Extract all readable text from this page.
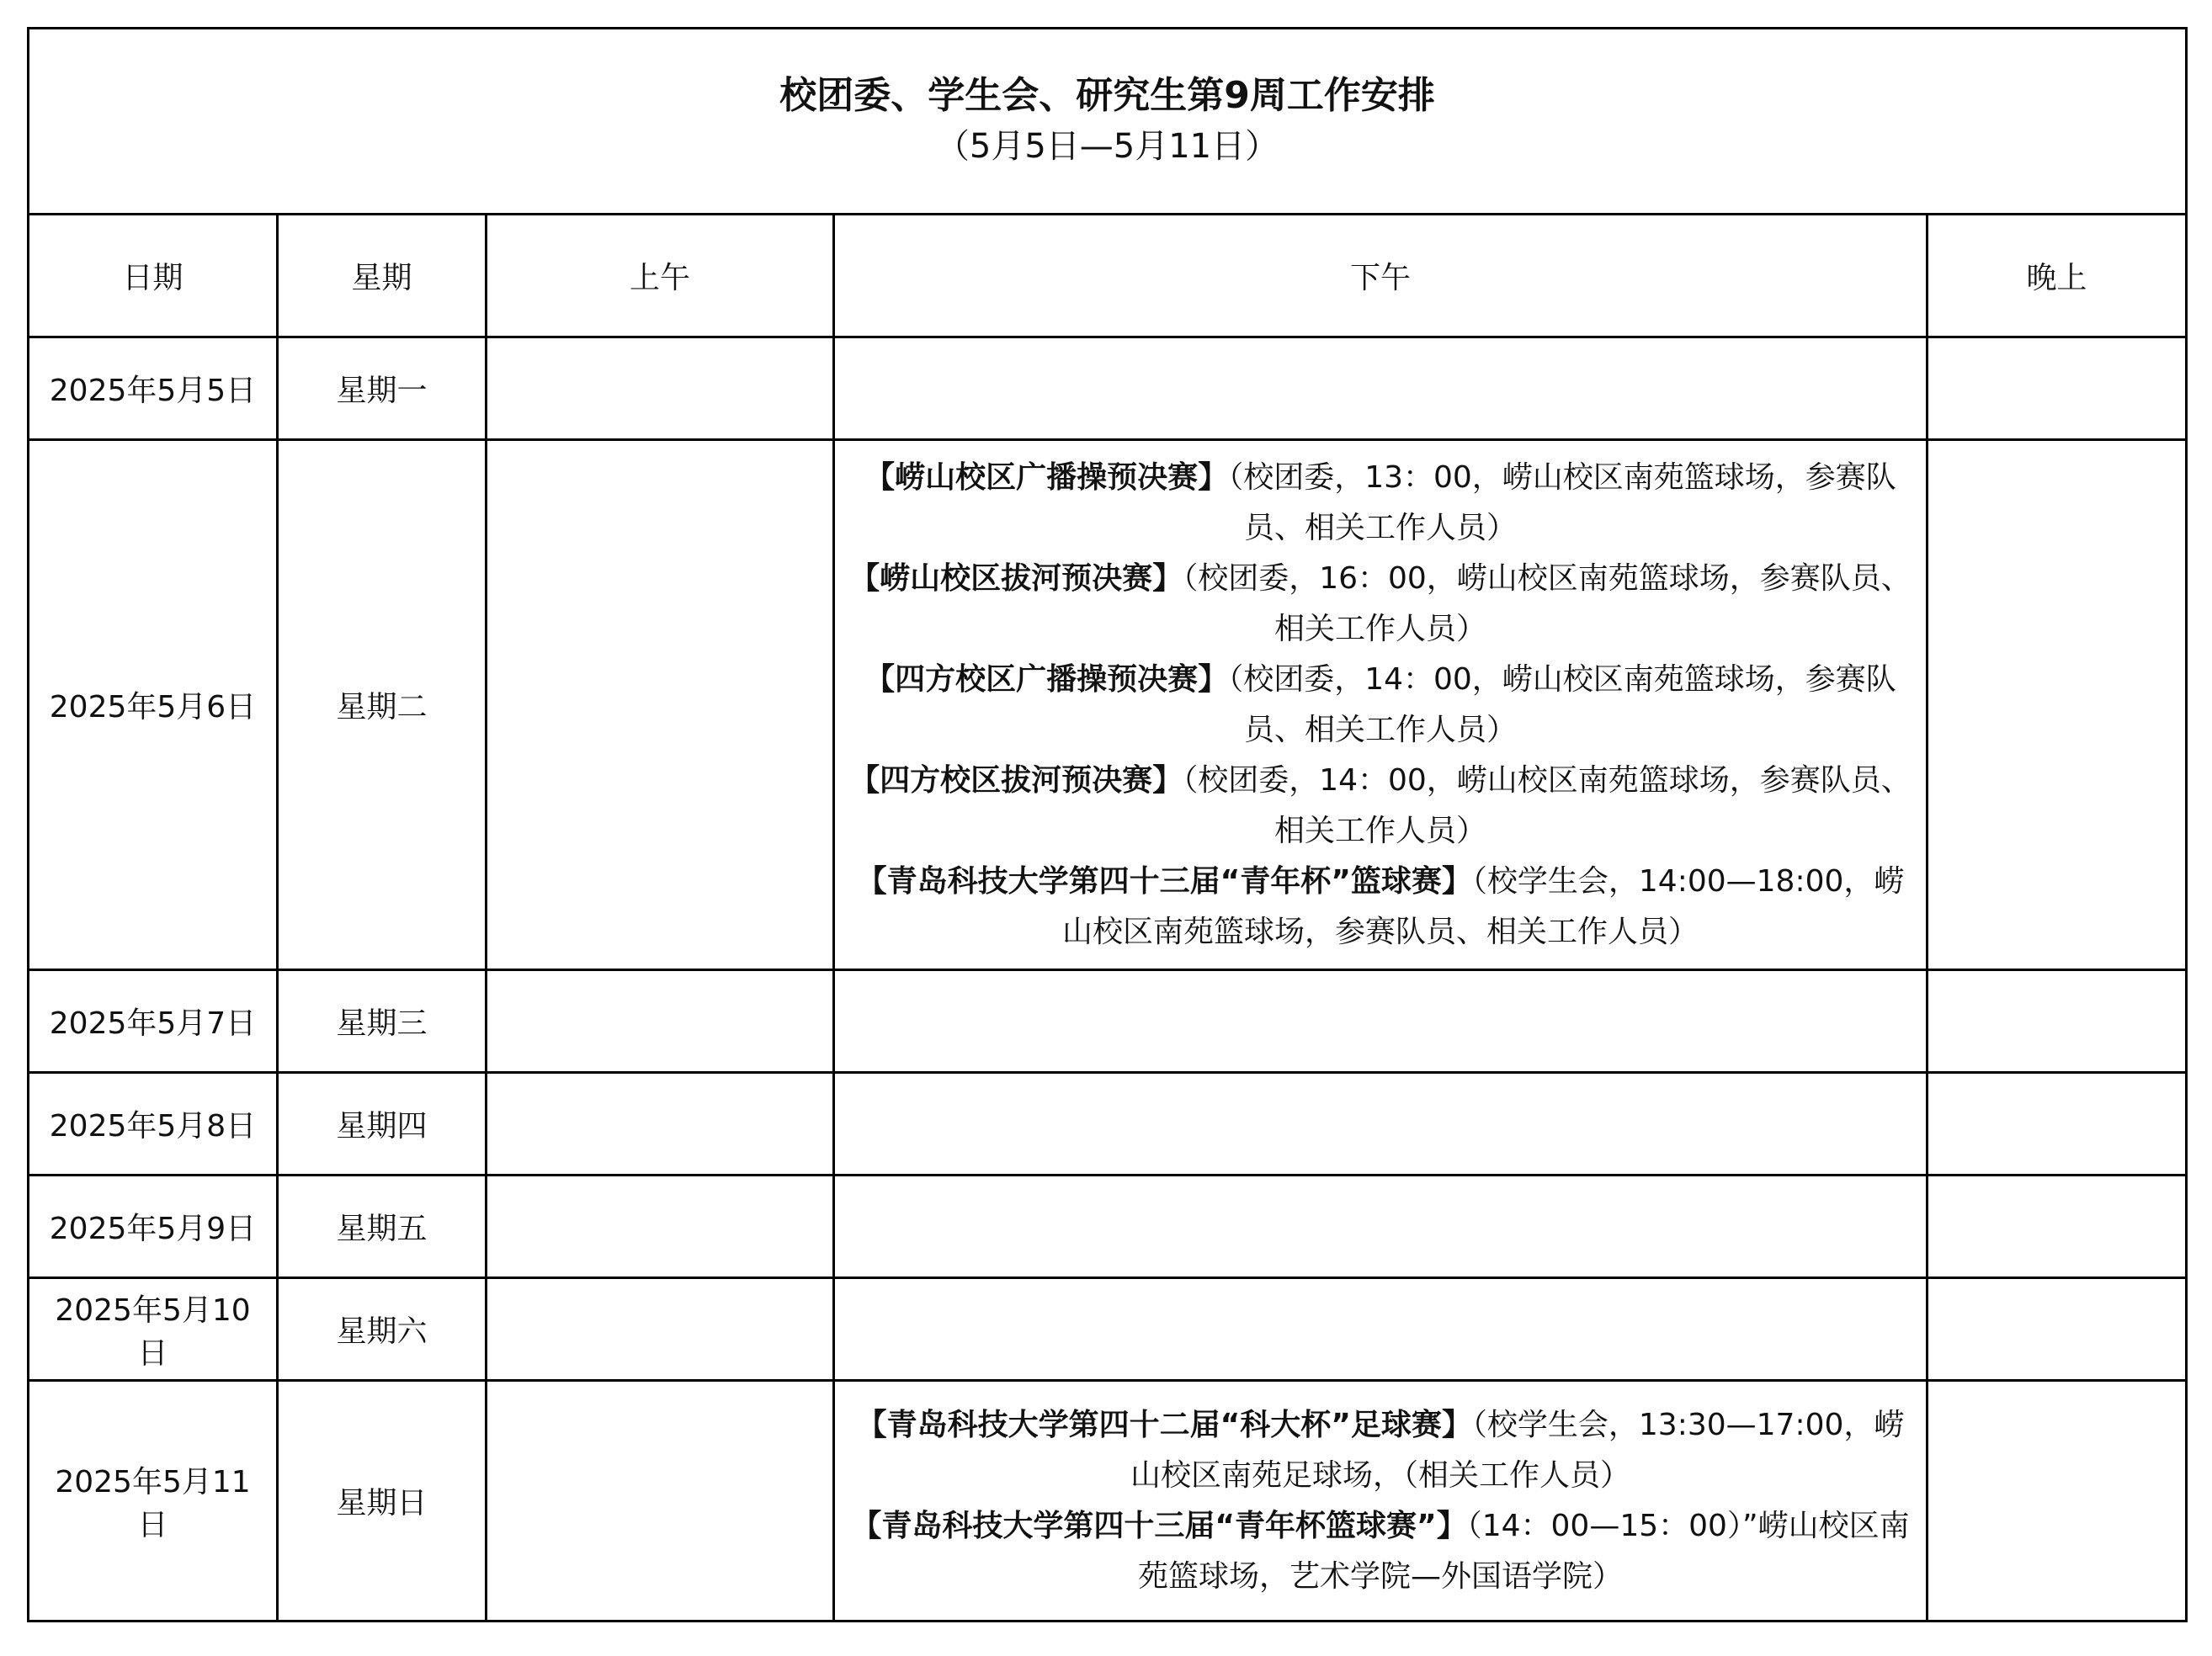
校团委、学生会、研究生第9周工作安排
（5月5日—5月11日）				

日期	星期	上午	下午	晚上
2025年5月5日	星期一			
2025年5月6日	星期二		【崂山校区广播操预决赛】（校团委，13：00，崂山校区南苑篮球场，参赛队员、相关工作人员）
【崂山校区拔河预决赛】（校团委，16：00，崂山校区南苑篮球场，参赛队员、相关工作人员）
【四方校区广播操预决赛】（校团委，14：00，崂山校区南苑篮球场，参赛队员、相关工作人员）
【四方校区拔河预决赛】（校团委，14：00，崂山校区南苑篮球场，参赛队员、相关工作人员）
【青岛科技大学第四十三届“青年杯”篮球赛】（校学生会，14:00—18:00，崂山校区南苑篮球场，参赛队员、相关工作人员）	

2025年5月7日	星期三			
2025年5月8日	星期四			
2025年5月9日	星期五			
2025年5月10日	星期六			
2025年5月11日	星期日		【青岛科技大学第四十二届“科大杯”足球赛】（校学生会，13:30—17:00，崂山校区南苑足球场，（相关工作人员）
【青岛科技大学第四十三届“青年杯篮球赛”】（14：00—15：00）”崂山校区南苑篮球场，艺术学院—外国语学院）	
